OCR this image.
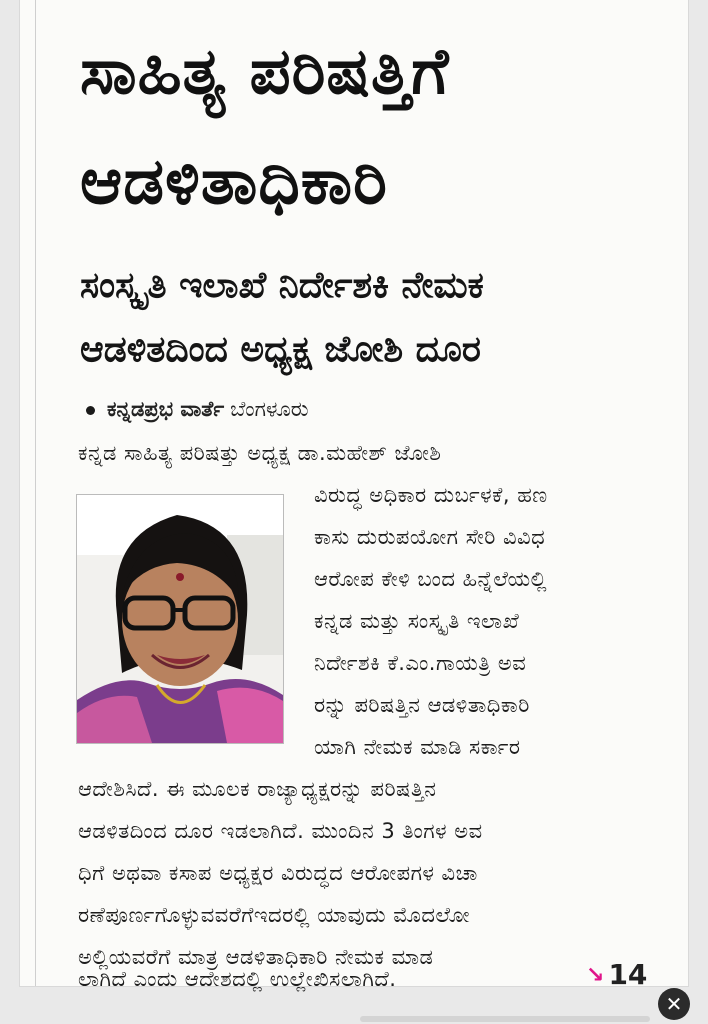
ಸಾಹಿತ್ಯ ಪರಿಷತ್ತಿಗೆ
ಆಡಳಿತಾಧಿಕಾರಿ
ಸಂಸ್ಕೃತಿ ಇಲಾಖೆ ನಿರ್ದೇಶಕಿ ನೇಮಕ
ಆಡಳಿತದಿಂದ ಅಧ್ಯಕ್ಷ ಜೋಶಿ ದೂರ
ಕನ್ನಡಪ್ರಭ ವಾರ್ತೆ ಬೆಂಗಳೂರು
ಕನ್ನಡ ಸಾಹಿತ್ಯ ಪರಿಷತ್ತು ಅಧ್ಯಕ್ಷ ಡಾ.ಮಹೇಶ್ ಜೋಶಿ
ವಿರುದ್ಧ ಅಧಿಕಾರ ದುರ್ಬಳಕೆ, ಹಣ
ಕಾಸು ದುರುಪಯೋಗ ಸೇರಿ ವಿವಿಧ
ಆರೋಪ ಕೇಳಿ ಬಂದ ಹಿನ್ನೆಲೆಯಲ್ಲಿ
ಕನ್ನಡ ಮತ್ತು ಸಂಸ್ಕೃತಿ ಇಲಾಖೆ
ನಿರ್ದೇಶಕಿ ಕೆ.ಎಂ.ಗಾಯತ್ರಿ ಅವ
ರನ್ನು ಪರಿಷತ್ತಿನ ಆಡಳಿತಾಧಿಕಾರಿ
ಯಾಗಿ ನೇಮಕ ಮಾಡಿ ಸರ್ಕಾರ
ಆದೇಶಿಸಿದೆ. ಈ ಮೂಲಕ ರಾಜ್ಯಾಧ್ಯಕ್ಷರನ್ನು ಪರಿಷತ್ತಿನ
ಆಡಳಿತದಿಂದ ದೂರ ಇಡಲಾಗಿದೆ. ಮುಂದಿನ 3 ತಿಂಗಳ ಅವ
ಧಿಗೆ ಅಥವಾ ಕಸಾಪ ಅಧ್ಯಕ್ಷರ ವಿರುದ್ಧದ ಆರೋಪಗಳ ವಿಚಾ
ರಣೆಪೂರ್ಣಗೊಳ್ಳುವವರೆಗೆಇದರಲ್ಲಿ ಯಾವುದು ಮೊದಲೋ
ಅಲ್ಲಿಯವರೆಗೆ ಮಾತ್ರ ಆಡಳಿತಾಧಿಕಾರಿ ನೇಮಕ ಮಾಡ
ಲಾಗಿದೆ ಎಂದು ಆದೇಶದಲ್ಲಿ ಉಲ್ಲೇಖಿಸಲಾಗಿದೆ.	↘ 14
✕
